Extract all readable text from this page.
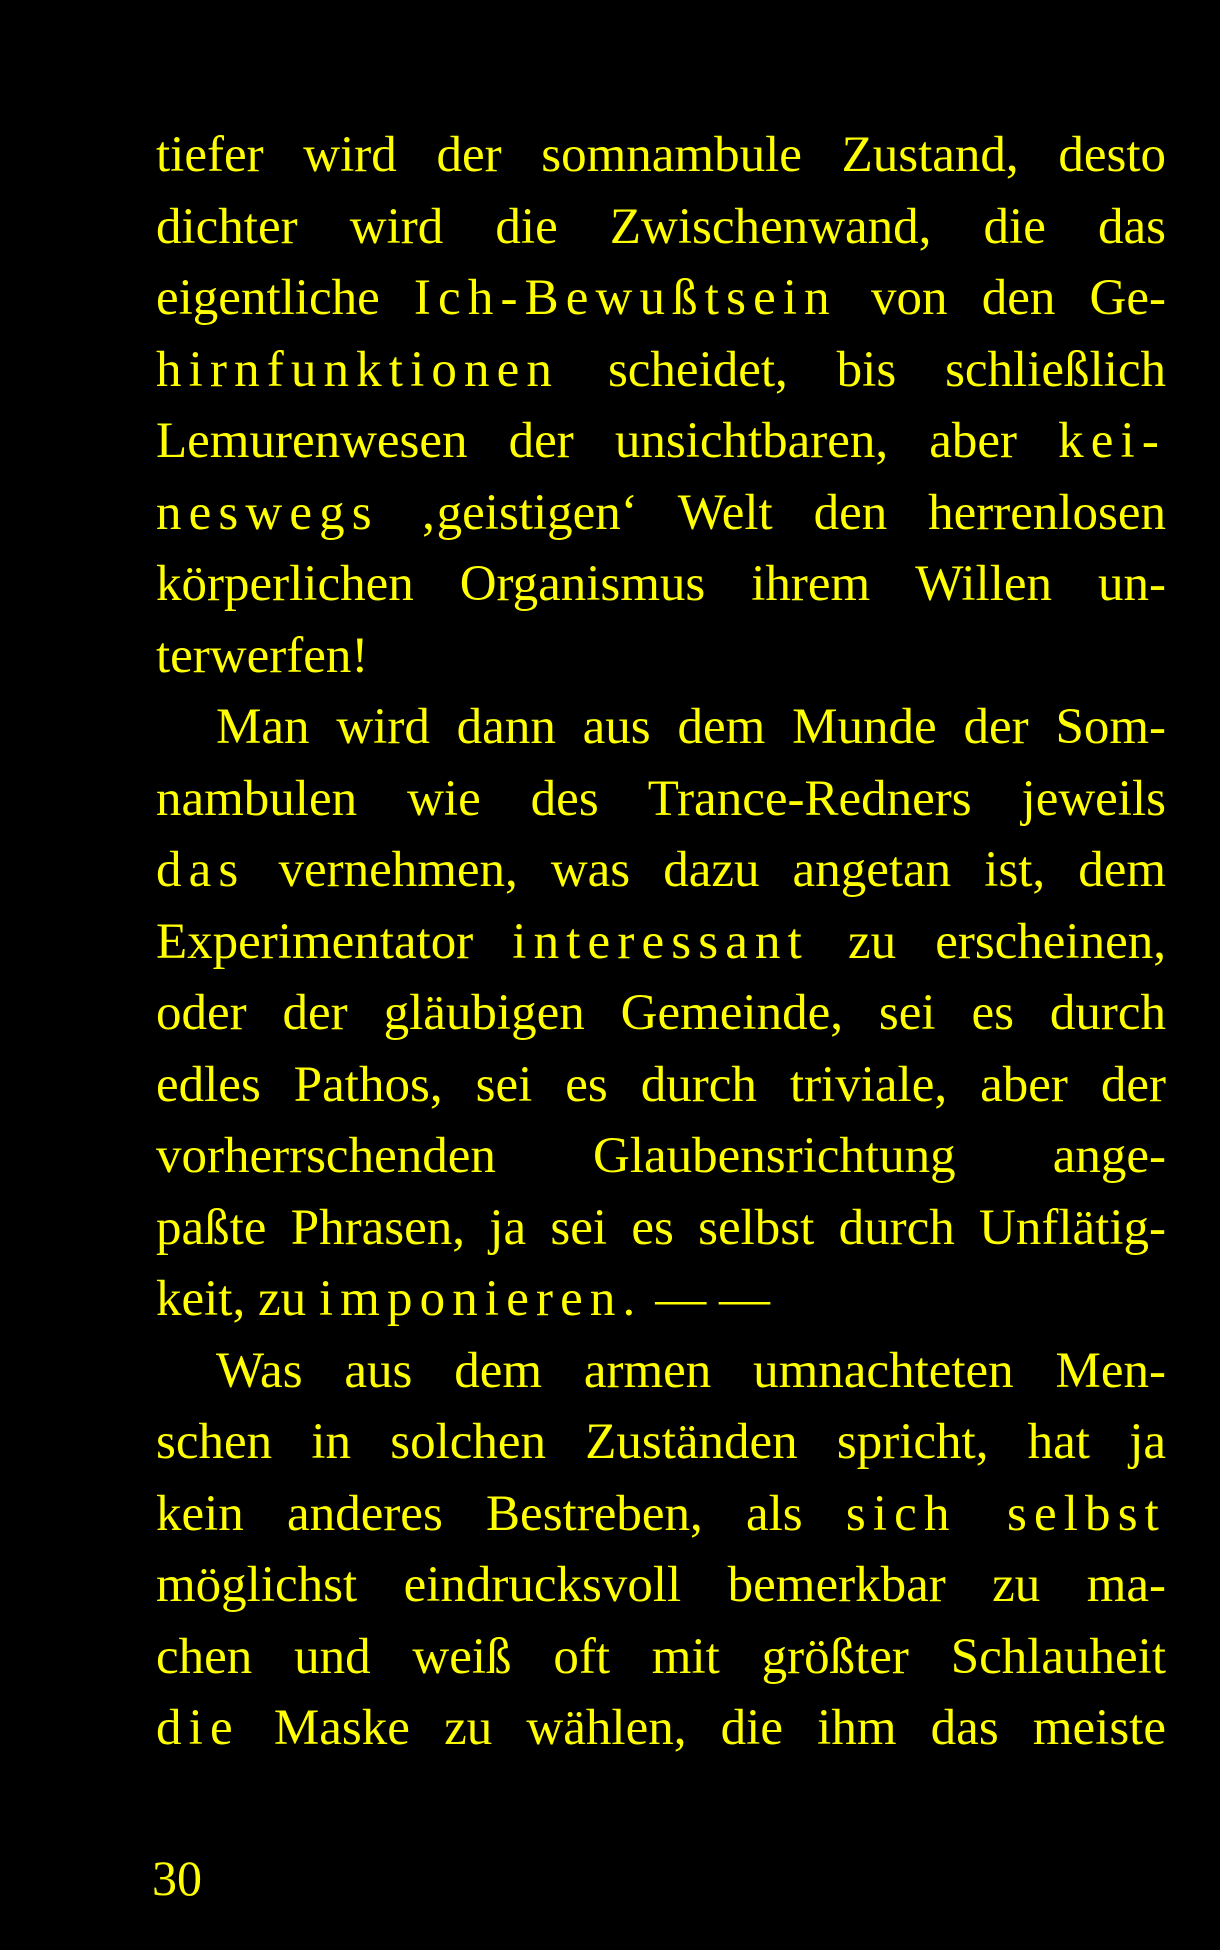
tiefer wird der somnambule Zustand, desto
dichter wird die Zwischenwand, die das
eigentliche Ich-Bewußtsein von den Ge-
hirnfunktionen scheidet, bis schließlich
Lemurenwesen der unsichtbaren, aber kei-
neswegs ‚geistigen‘ Welt den herrenlosen
körperlichen Organismus ihrem Willen un-
terwerfen!
Man wird dann aus dem Munde der Som-
nambulen wie des Trance-Redners jeweils
das vernehmen, was dazu angetan ist, dem
Experimentator interessant zu erscheinen,
oder der gläubigen Gemeinde, sei es durch
edles Pathos, sei es durch triviale, aber der
vorherrschenden Glaubensrichtung ange-
paßte Phrasen, ja sei es selbst durch Unflätig-
keit, zu imponieren. — —
Was aus dem armen umnachteten Men-
schen in solchen Zuständen spricht, hat ja
kein anderes Bestreben, als sich selbst
möglichst eindrucksvoll bemerkbar zu ma-
chen und weiß oft mit größter Schlauheit
die Maske zu wählen, die ihm das meiste
30
